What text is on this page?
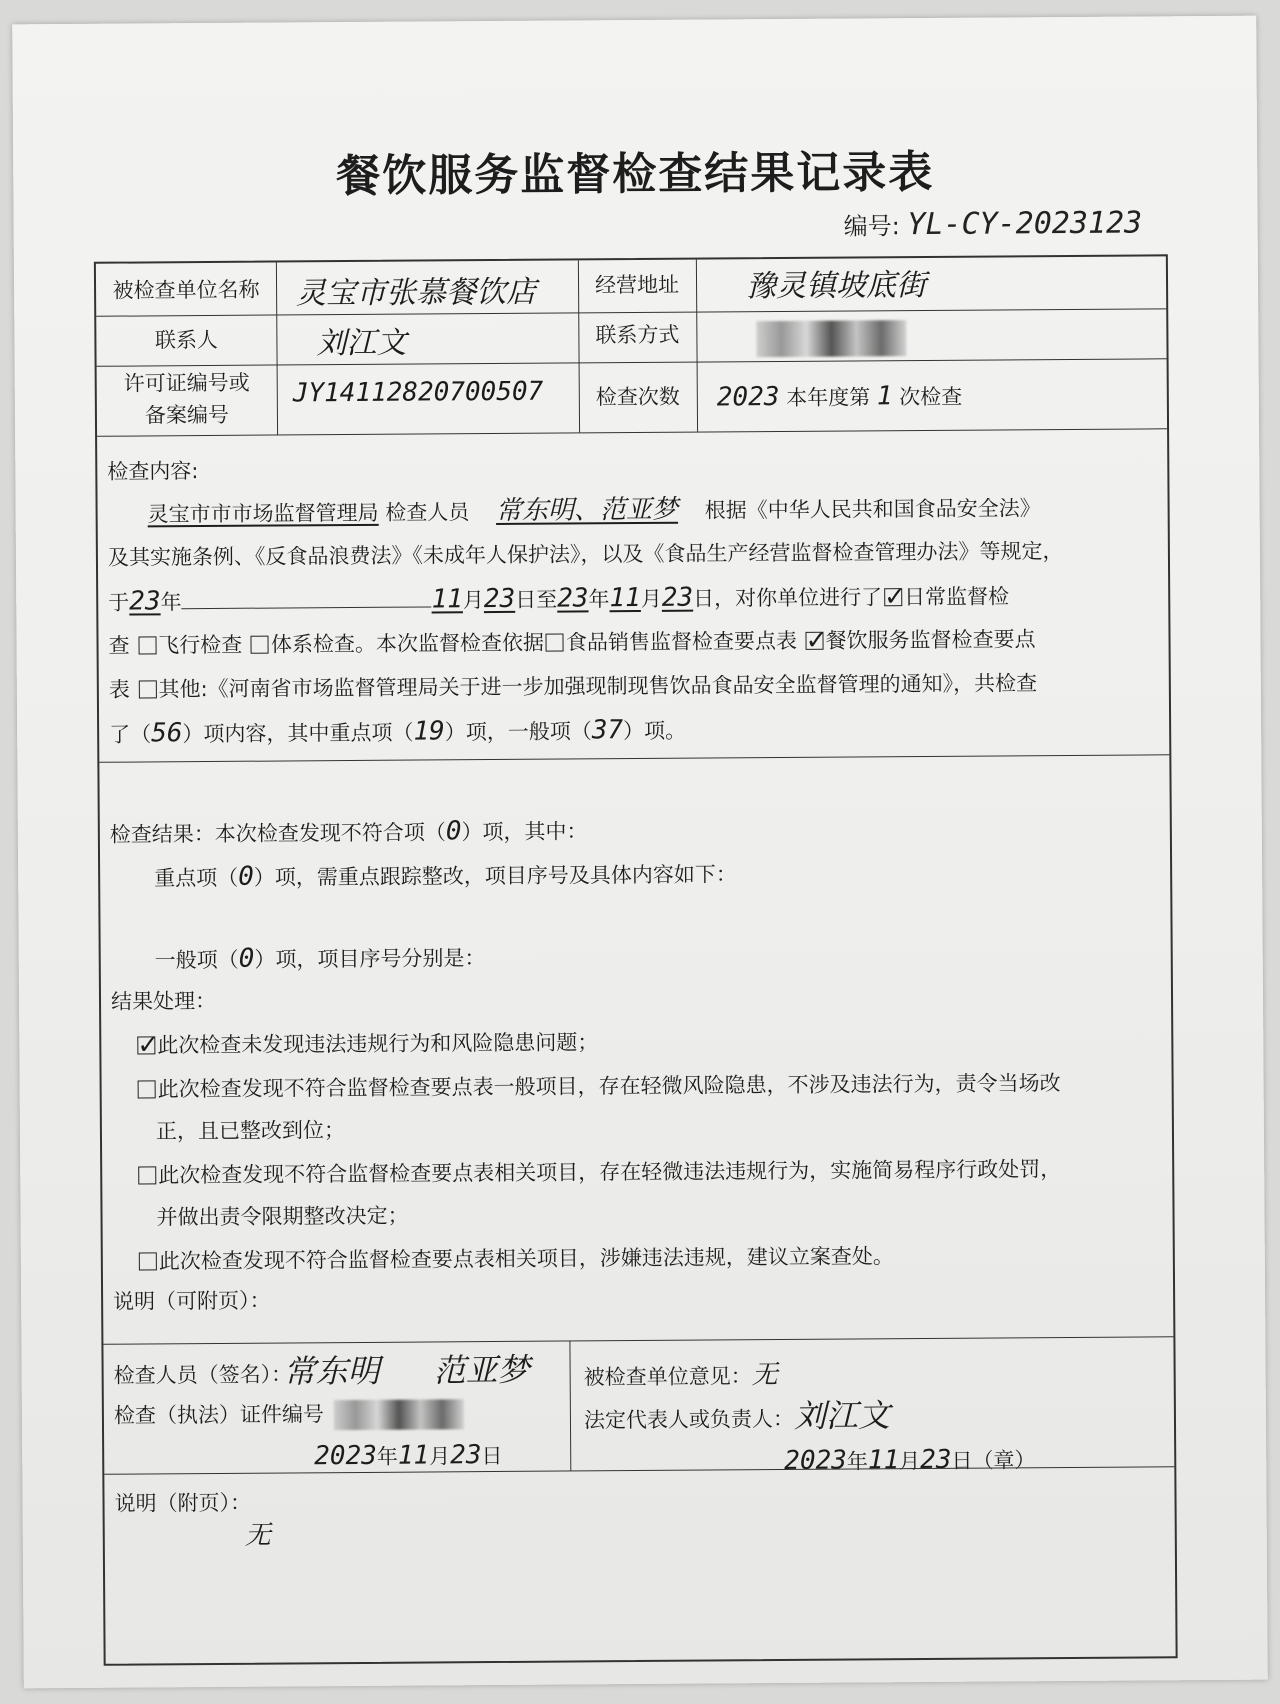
餐饮服务监督检查结果记录表
编号: YL-CY-2023123
被检查单位名称	灵宝市张慕餐饮店	经营地址	豫灵镇坡底街
联系人	刘江文	联系方式
许可证编号或
备案编号
JY14112820700507	检查次数	2023 本年度第 1 次检查
检查内容:
灵宝市市市场监督管理局 检查人员 常东明、范亚梦 根据《中华人民共和国食品安全法》
及其实施条例、《反食品浪费法》《未成年人保护法》，以及《食品生产经营监督检查管理办法》等规定，
于23年	11月23日至23年11月23日，对你单位进行了 ✓ 日常监督检
查 飞行检查 体系检查。本次监督检查依据 食品销售监督检查要点表 ✓ 餐饮服务监督检查要点
表 其他:《河南省市场监督管理局关于进一步加强现制现售饮品食品安全监督管理的通知》，共检查
了（56）项内容，其中重点项（19）项，一般项（37）项。
检查结果：本次检查发现不符合项（0）项，其中：
重点项（0）项，需重点跟踪整改，项目序号及具体内容如下：
一般项（0）项，项目序号分别是：
结果处理：
✓此次检查未发现违法违规行为和风险隐患问题；
此次检查发现不符合监督检查要点表一般项目，存在轻微风险隐患，不涉及违法行为，责令当场改
正，且已整改到位；
此次检查发现不符合监督检查要点表相关项目，存在轻微违法违规行为，实施简易程序行政处罚，
并做出责令限期整改决定；
此次检查发现不符合监督检查要点表相关项目，涉嫌违法违规，建议立案查处。
说明（可附页）：
检查人员（签名）：
常东明 范亚梦
检查（执法）证件编号
2023年11月23日
被检查单位意见：无
法定代表人或负责人： 刘江文
2023年11月23日（章）
说明（附页）：
无
